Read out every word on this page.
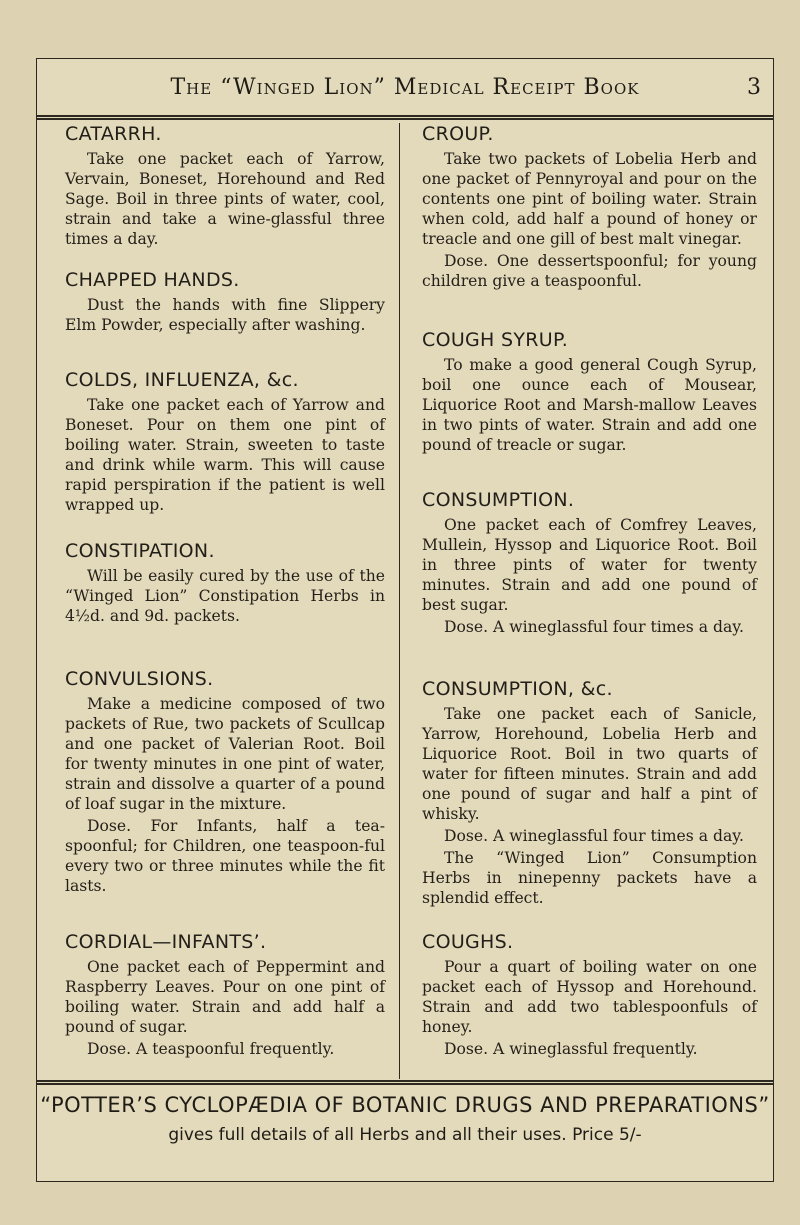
The “Winged Lion” Medical Receipt Book	3
CATARRH.

Take one packet each of Yarrow, Vervain, Boneset, Horehound and Red Sage. Boil in three pints of water, cool, strain and take a wine-glassful three times a day.

CHAPPED HANDS.

Dust the hands with fine Slippery Elm Powder, especially after washing.

COLDS, INFLUENZA, &c.

Take one packet each of Yarrow and Boneset. Pour on them one pint of boiling water. Strain, sweeten to taste and drink while warm. This will cause rapid perspiration if the patient is well wrapped up.

CONSTIPATION.

Will be easily cured by the use of the “Winged Lion” Constipation Herbs in 4½d. and 9d. packets.

CONVULSIONS.

Make a medicine composed of two packets of Rue, two packets of Scullcap and one packet of Valerian Root. Boil for twenty minutes in one pint of water, strain and dissolve a quarter of a pound of loaf sugar in the mixture.

Dose. For Infants, half a tea-spoonful; for Children, one teaspoon-ful every two or three minutes while the fit lasts.

CORDIAL—INFANTS’.

One packet each of Peppermint and Raspberry Leaves. Pour on one pint of boiling water. Strain and add half a pound of sugar.

Dose. A teaspoonful frequently.

CROUP.

Take two packets of Lobelia Herb and one packet of Pennyroyal and pour on the contents one pint of boiling water. Strain when cold, add half a pound of honey or treacle and one gill of best malt vinegar.

Dose. One dessertspoonful; for young children give a teaspoonful.

COUGH SYRUP.

To make a good general Cough Syrup, boil one ounce each of Mousear, Liquorice Root and Marsh-mallow Leaves in two pints of water. Strain and add one pound of treacle or sugar.

CONSUMPTION.

One packet each of Comfrey Leaves, Mullein, Hyssop and Liquorice Root. Boil in three pints of water for twenty minutes. Strain and add one pound of best sugar.

Dose. A wineglassful four times a day.

CONSUMPTION, &c.

Take one packet each of Sanicle, Yarrow, Horehound, Lobelia Herb and Liquorice Root. Boil in two quarts of water for fifteen minutes. Strain and add one pound of sugar and half a pint of whisky.

Dose. A wineglassful four times a day.

The “Winged Lion” Consumption Herbs in ninepenny packets have a splendid effect.

COUGHS.

Pour a quart of boiling water on one packet each of Hyssop and Horehound. Strain and add two tablespoonfuls of honey.

Dose. A wineglassful frequently.

“POTTER’S CYCLOPÆDIA OF BOTANIC DRUGS AND PREPARATIONS”
gives full details of all Herbs and all their uses. Price 5/-
